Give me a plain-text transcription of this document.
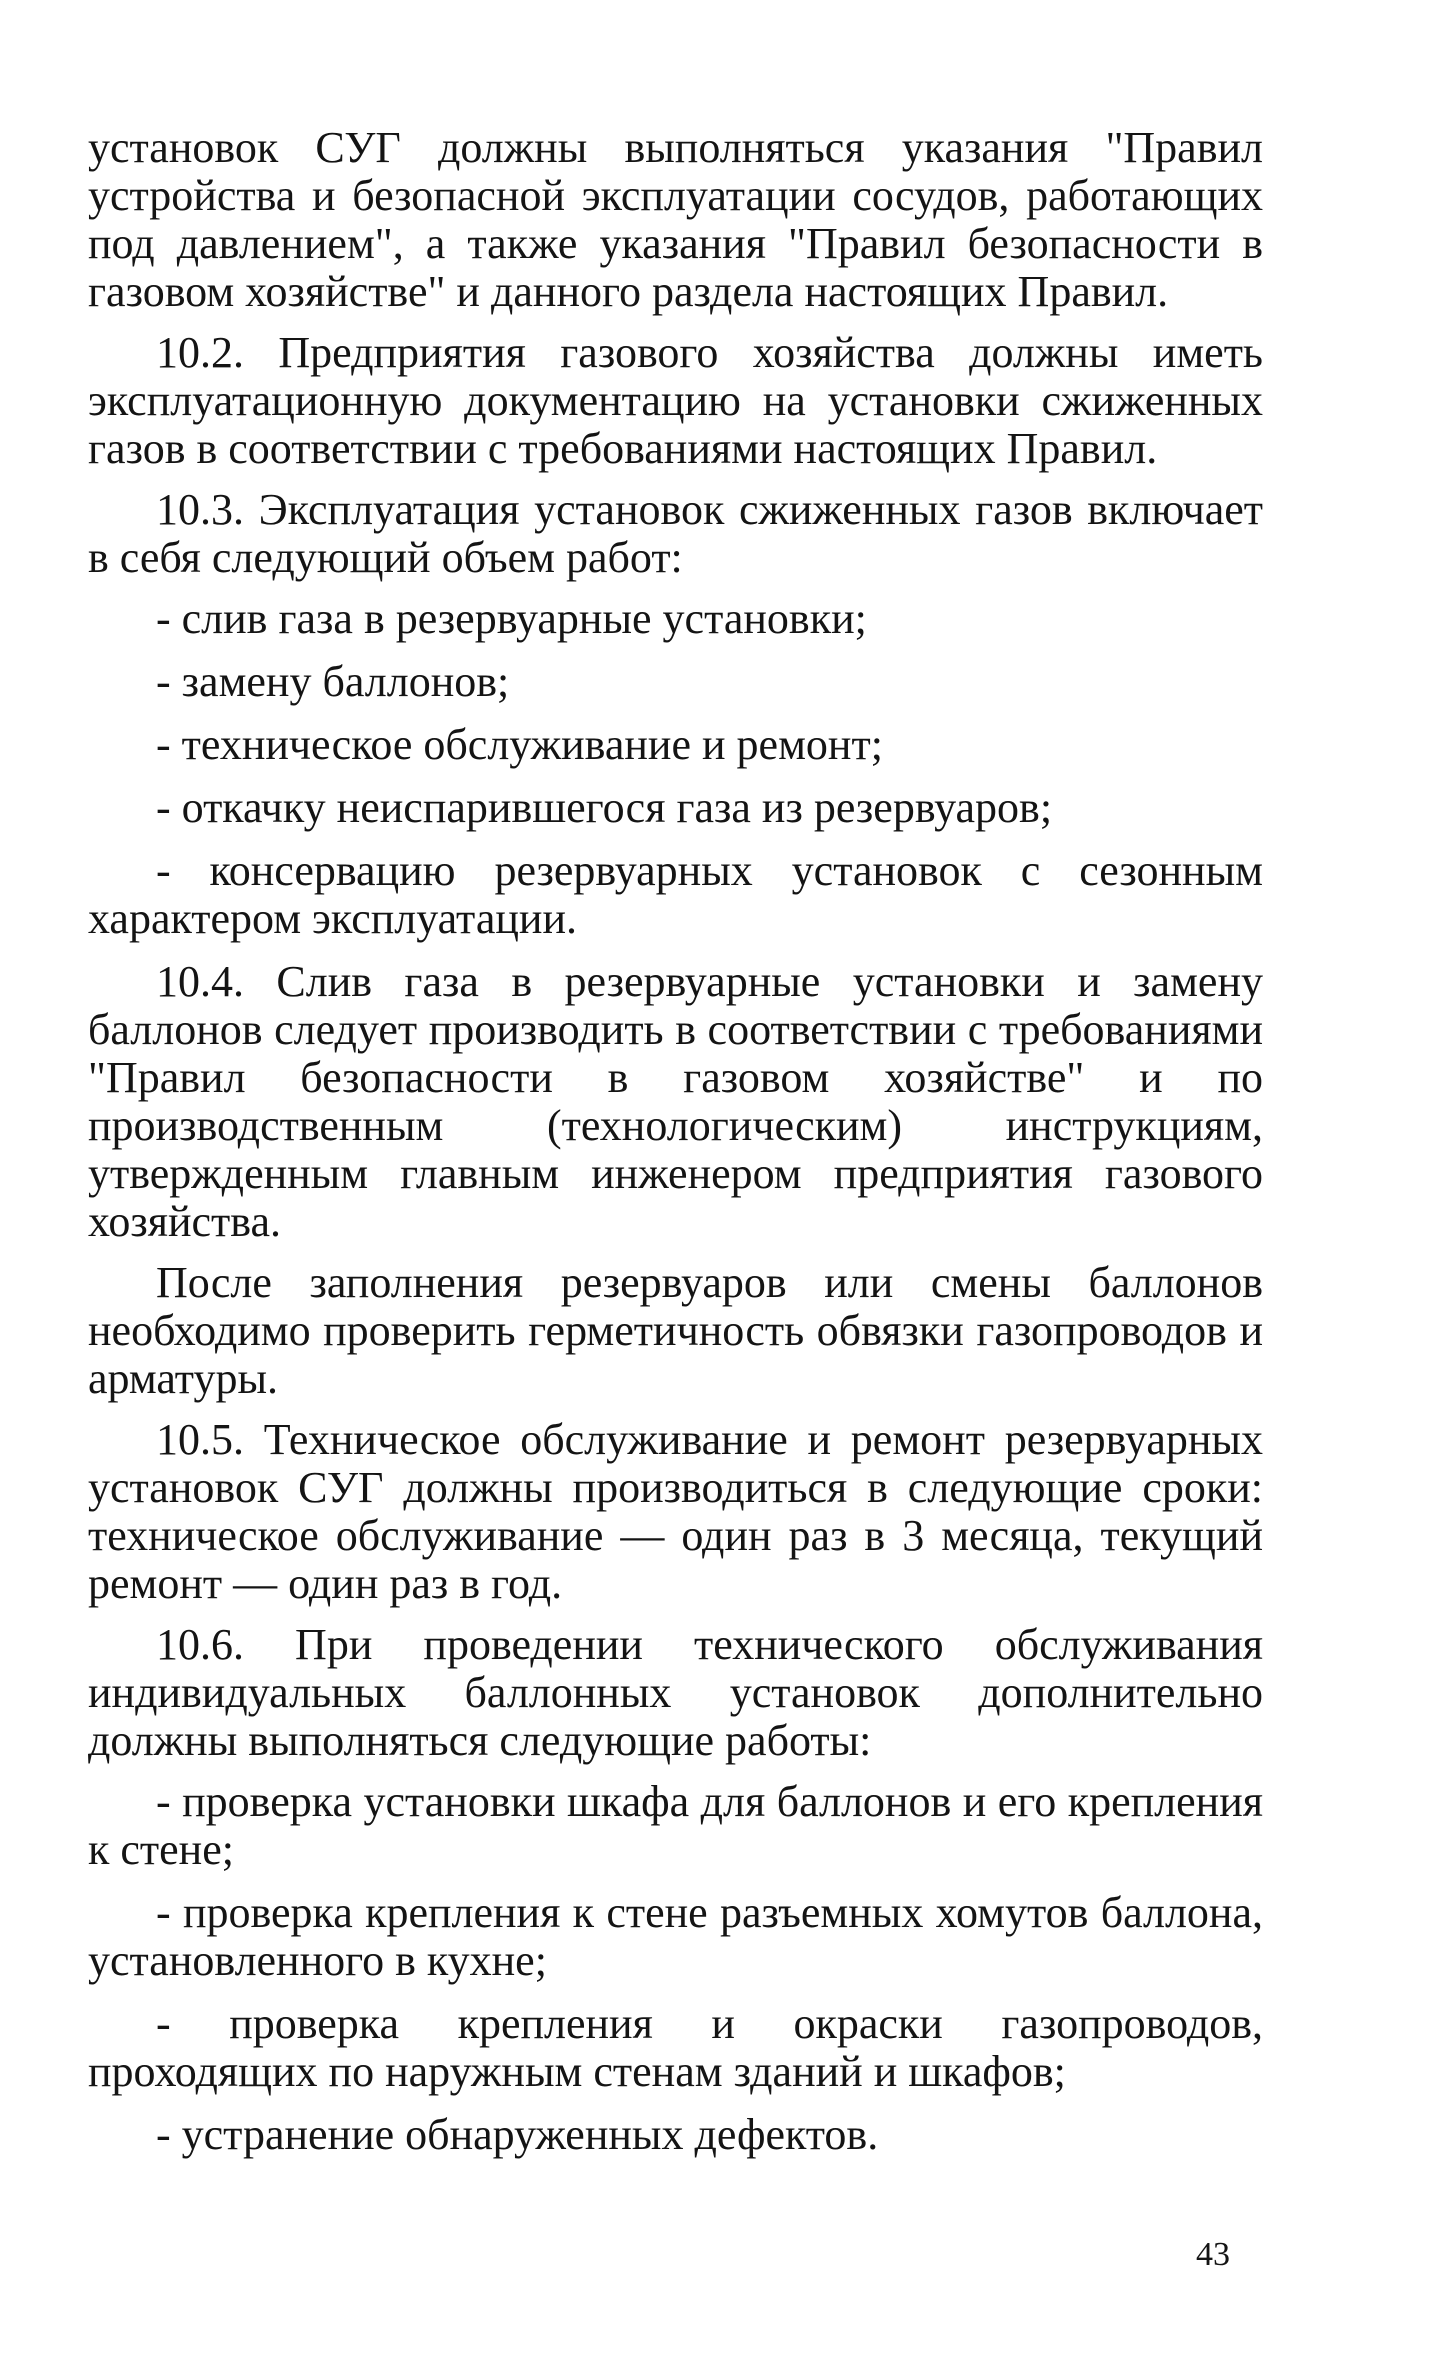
установок СУГ должны выполняться указания "Правил устройства и безопасной эксплуатации сосудов, работающих под давлением", а также указания "Правил безопасности в газовом хозяйстве" и данного раздела настоящих Правил.

10.2. Предприятия газового хозяйства должны иметь эксплуатационную документацию на установки сжиженных газов в соответствии с требованиями настоящих Правил.

10.3. Эксплуатация установок сжиженных газов включает в себя следующий объем работ:

- слив газа в резервуарные установки;

- замену баллонов;

- техническое обслуживание и ремонт;

- откачку неиспарившегося газа из резервуаров;

- консервацию резервуарных установок с сезонным характером эксплуатации.

10.4. Слив газа в резервуарные установки и замену баллонов следует производить в соответствии с требованиями "Правил безопасности в газовом хозяйстве" и по производственным (технологическим) инструкциям, утвержденным главным инженером предприятия газового хозяйства.

После заполнения резервуаров или смены баллонов необходимо проверить герметичность обвязки газопроводов и арматуры.

10.5. Техническое обслуживание и ремонт резервуарных установок СУГ должны производиться в следующие сроки: техническое обслуживание — один раз в 3 месяца, текущий ремонт — один раз в год.

10.6. При проведении технического обслуживания индивидуальных баллонных установок дополнительно должны выполняться следующие работы:

- проверка установки шкафа для баллонов и его крепления к стене;

- проверка крепления к стене разъемных хомутов баллона, установленного в кухне;

- проверка крепления и окраски газопроводов, проходящих по наружным стенам зданий и шкафов;

- устранение обнаруженных дефектов.

43
